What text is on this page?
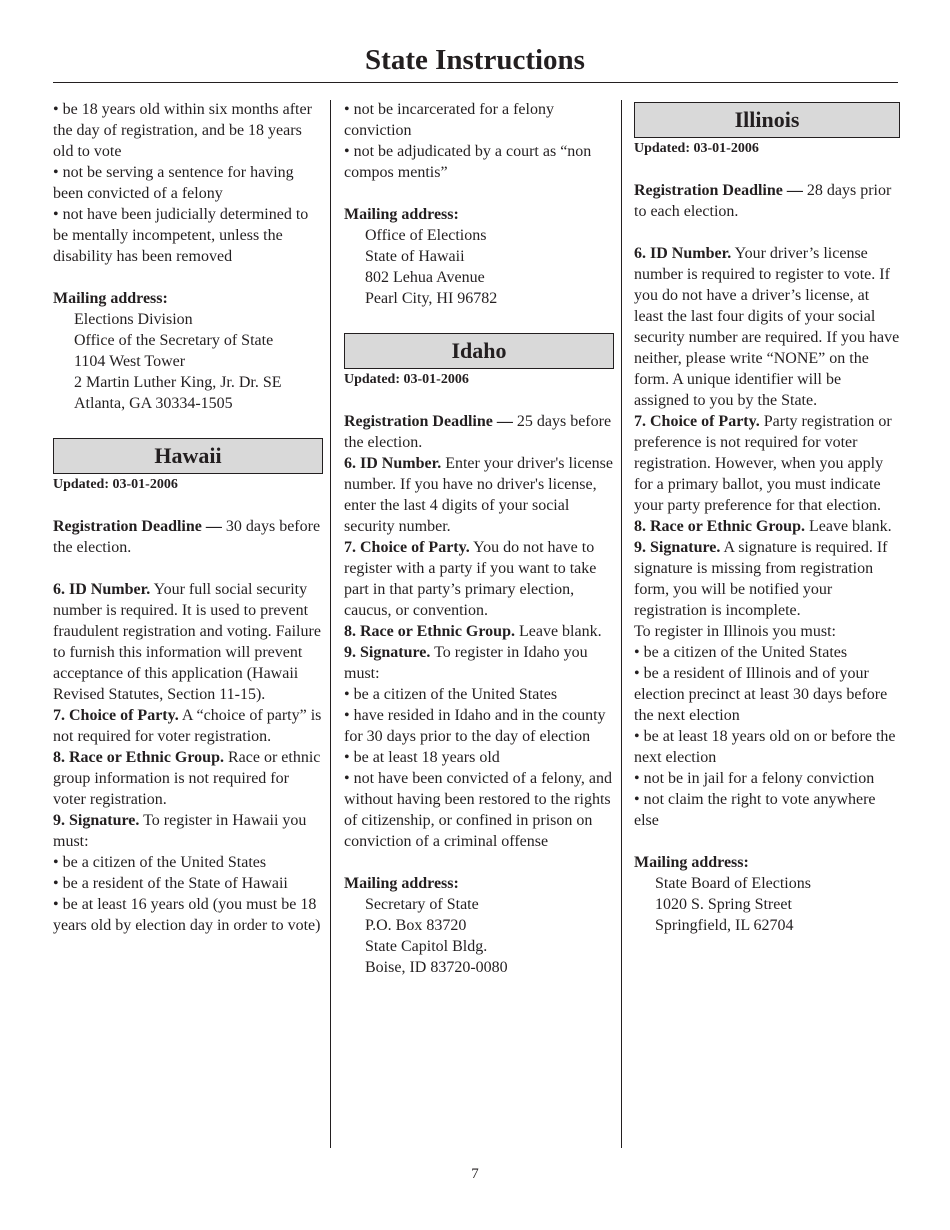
State Instructions

• be 18 years old within six months after the day of registration, and be 18 years old to vote

• not be serving a sentence for having been convicted of a felony

• not have been judicially determined to be mentally incompetent, unless the disability has been removed

Mailing address:

Elections Division

Office of the Secretary of State

1104 West Tower

2 Martin Luther King, Jr. Dr. SE

Atlanta, GA 30334-1505

Hawaii

Updated: 03-01-2006

Registration Deadline — 30 days before the election.

6. ID Number. Your full social security number is required. It is used to prevent fraudulent registration and voting. Failure to furnish this information will prevent acceptance of this application (Hawaii Revised Statutes, Section 11-15).

7. Choice of Party. A “choice of party” is not required for voter registration.

8. Race or Ethnic Group. Race or ethnic group information is not required for voter registration.

9. Signature. To register in Hawaii you must:

• be a citizen of the United States

• be a resident of the State of Hawaii

• be at least 16 years old (you must be 18 years old by election day in order to vote)

• not be incarcerated for a felony conviction

• not be adjudicated by a court as “non compos mentis”

Mailing address:

Office of Elections

State of Hawaii

802 Lehua Avenue

Pearl City, HI 96782

Idaho

Updated: 03-01-2006

Registration Deadline — 25 days before the election.

6. ID Number. Enter your driver's license number. If you have no driver's license, enter the last 4 digits of your social security number.

7. Choice of Party. You do not have to register with a party if you want to take part in that party’s primary election, caucus, or convention.

8. Race or Ethnic Group. Leave blank.

9. Signature. To register in Idaho you must:

• be a citizen of the United States

• have resided in Idaho and in the county for 30 days prior to the day of election

• be at least 18 years old

• not have been convicted of a felony, and without having been restored to the rights of citizenship, or confined in prison on conviction of a criminal offense

Mailing address:

Secretary of State

P.O. Box 83720

State Capitol Bldg.

Boise, ID 83720-0080

Illinois

Updated: 03-01-2006

Registration Deadline — 28 days prior to each election.

6. ID Number. Your driver’s license number is required to register to vote. If you do not have a driver’s license, at least the last four digits of your social security number are required. If you have neither, please write “NONE” on the form. A unique identifier will be assigned to you by the State.

7. Choice of Party. Party registration or preference is not required for voter registration. However, when you apply for a primary ballot, you must indicate your party preference for that election.

8. Race or Ethnic Group. Leave blank.

9. Signature. A signature is required. If signature is missing from registration form, you will be notified your registration is incomplete.

To register in Illinois you must:

• be a citizen of the United States

• be a resident of Illinois and of your election precinct at least 30 days before the next election

• be at least 18 years old on or before the next election

• not be in jail for a felony conviction

• not claim the right to vote anywhere else

Mailing address:

State Board of Elections

1020 S. Spring Street

Springfield, IL 62704

7
